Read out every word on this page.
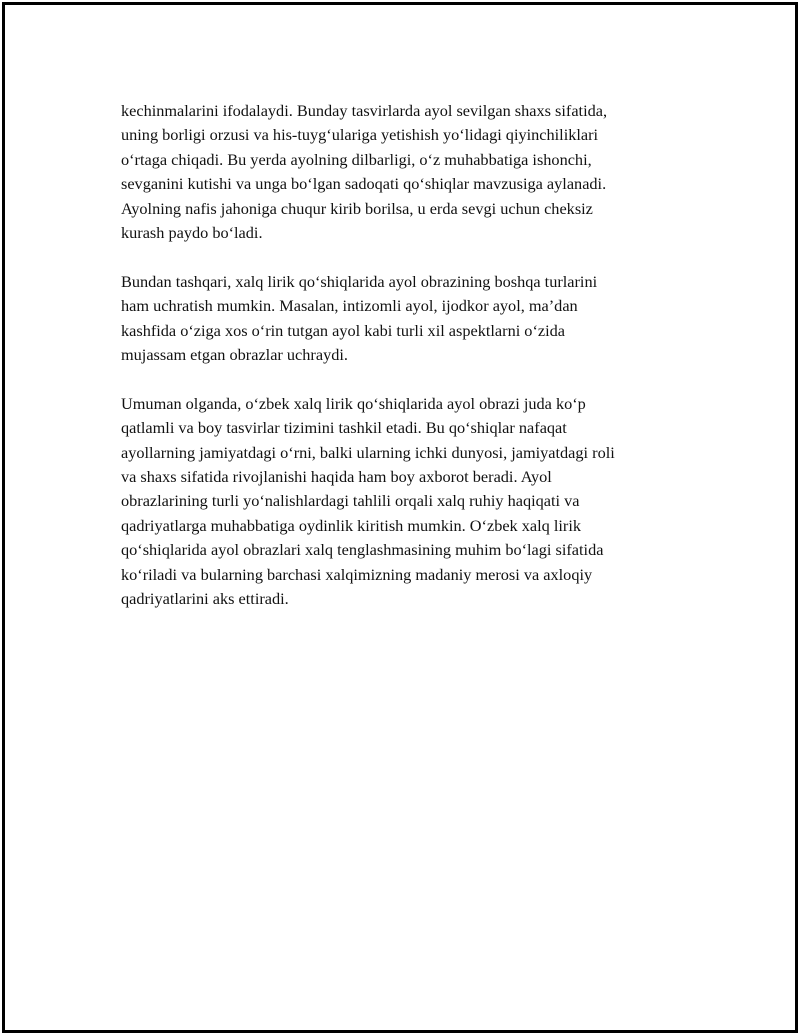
kechinmalarini ifodalaydi. Bunday tasvirlarda ayol sevilgan shaxs sifatida,
uning borligi orzusi va his-tuyg‘ulariga yetishish yo‘lidagi qiyinchiliklari
o‘rtaga chiqadi. Bu yerda ayolning dilbarligi, o‘z muhabbatiga ishonchi,
sevganini kutishi va unga bo‘lgan sadoqati qo‘shiqlar mavzusiga aylanadi.
Ayolning nafis jahoniga chuqur kirib borilsa, u erda sevgi uchun cheksiz
kurash paydo bo‘ladi.

Bundan tashqari, xalq lirik qo‘shiqlarida ayol obrazining boshqa turlarini
ham uchratish mumkin. Masalan, intizomli ayol, ijodkor ayol, ma’dan
kashfida o‘ziga xos o‘rin tutgan ayol kabi turli xil aspektlarni o‘zida
mujassam etgan obrazlar uchraydi.

Umuman olganda, o‘zbek xalq lirik qo‘shiqlarida ayol obrazi juda ko‘p
qatlamli va boy tasvirlar tizimini tashkil etadi. Bu qo‘shiqlar nafaqat
ayollarning jamiyatdagi o‘rni, balki ularning ichki dunyosi, jamiyatdagi roli
va shaxs sifatida rivojlanishi haqida ham boy axborot beradi. Ayol
obrazlarining turli yo‘nalishlardagi tahlili orqali xalq ruhiy haqiqati va
qadriyatlarga muhabbatiga oydinlik kiritish mumkin. O‘zbek xalq lirik
qo‘shiqlarida ayol obrazlari xalq tenglashmasining muhim bo‘lagi sifatida
ko‘riladi va bularning barchasi xalqimizning madaniy merosi va axloqiy
qadriyatlarini aks ettiradi.
